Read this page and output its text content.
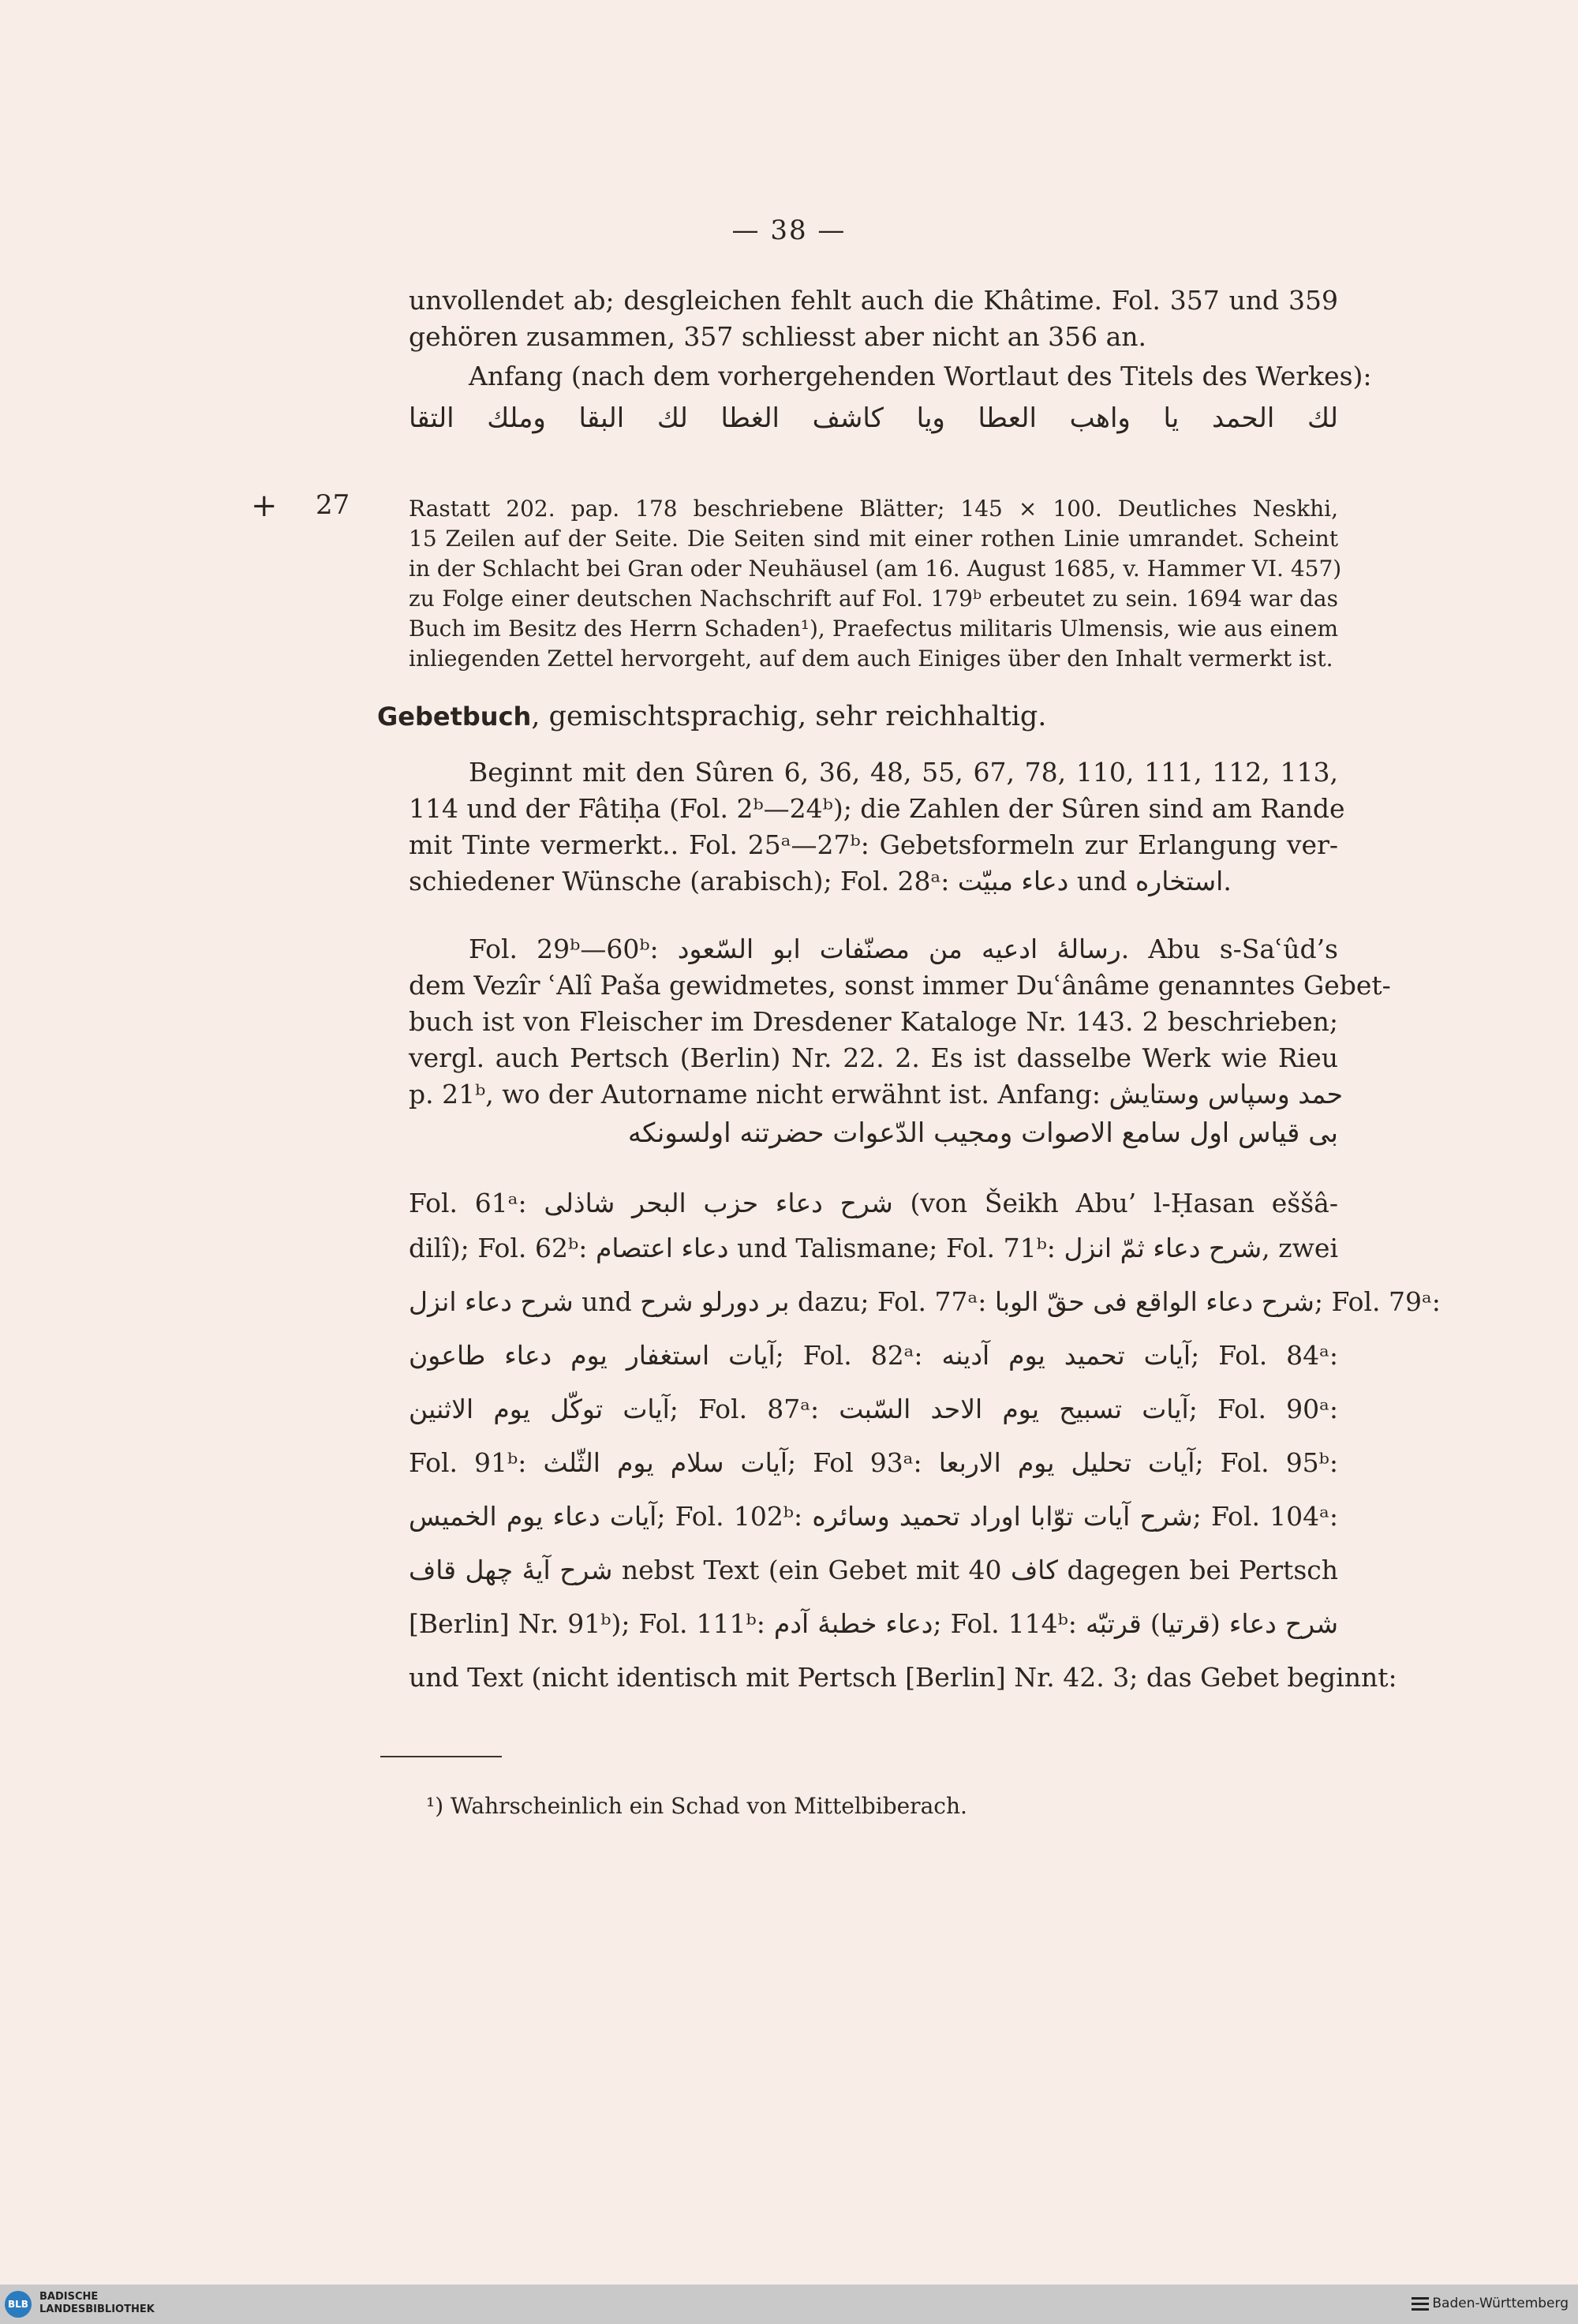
— 38 —
unvollendet ab; desgleichen fehlt auch die Khâtime. Fol. 357 und 359
gehören zusammen, 357 schliesst aber nicht an 356 an.
Anfang (nach dem vorhergehenden Wortlaut des Titels des Werkes):
لك الحمد يا واهب العطا ويا كاشف الغطا لك البقا وملك التقا
+ 27	Rastatt 202. pap. 178 beschriebene Blätter; 145 × 100. Deutliches Neskhi,
15 Zeilen auf der Seite. Die Seiten sind mit einer rothen Linie umrandet. Scheint
in der Schlacht bei Gran oder Neuhäusel (am 16. August 1685, v. Hammer VI. 457)
zu Folge einer deutschen Nachschrift auf Fol. 179ᵇ erbeutet zu sein. 1694 war das
Buch im Besitz des Herrn Schaden¹), Praefectus militaris Ulmensis, wie aus einem
inliegenden Zettel hervorgeht, auf dem auch Einiges über den Inhalt vermerkt ist.
Gebetbuch, gemischtsprachig, sehr reichhaltig.
Beginnt mit den Sûren 6, 36, 48, 55, 67, 78, 110, 111, 112, 113,
114 und der Fâtiḥa (Fol. 2ᵇ—24ᵇ); die Zahlen der Sûren sind am Rande
mit Tinte vermerkt.. Fol. 25ᵃ—27ᵇ: Gebetsformeln zur Erlangung ver-
schiedener Wünsche (arabisch); Fol. 28ᵃ: دعاء مبيّت und استخاره.
Fol. 29ᵇ—60ᵇ: رسالۀ ادعيه من مصنّفات ابو السّعود. Abu s-Saʿûd’s
dem Vezîr ʿAlî Paša gewidmetes, sonst immer Duʿânâme genanntes Gebet-
buch ist von Fleischer im Dresdener Kataloge Nr. 143. 2 beschrieben;
vergl. auch Pertsch (Berlin) Nr. 22. 2. Es ist dasselbe Werk wie Rieu
p. 21ᵇ, wo der Autorname nicht erwähnt ist. Anfang: حمد وسپاس وستايش
بى قياس اول سامع الاصوات ومجيب الدّعوات حضرتنه اولسونكه
Fol. 61ᵃ: شرح دعاء حزب البحر شاذلى (von Šeikh Abu’ l-Ḥasan eššâ-
dilî); Fol. 62ᵇ: دعاء اعتصام und Talismane; Fol. 71ᵇ: شرح دعاء ثمّ انزل, zwei
شرح دعاء انزل und بر دورلو شرح dazu; Fol. 77ᵃ: شرح دعاء الواقع فى حقّ الوبا; Fol. 79ᵃ:
آيات استغفار يوم دعاء طاعون; Fol. 82ᵃ: آيات تحميد يوم آدينه; Fol. 84ᵃ:
آيات توكّل يوم الاثنين; Fol. 87ᵃ: آيات تسبيح يوم الاحد السّبت; Fol. 90ᵃ:
Fol. 91ᵇ: آيات سلام يوم الثّلث; Fol 93ᵃ: آيات تحليل يوم الاربعا; Fol. 95ᵇ:
آيات دعاء يوم الخميس; Fol. 102ᵇ: شرح آيات توّابا اوراد تحميد وسائره; Fol. 104ᵃ:
شرح آيۀ چهل قاف nebst Text (ein Gebet mit 40 كاف dagegen bei Pertsch
[Berlin] Nr. 91ᵇ); Fol. 111ᵇ: دعاء خطبۀ آدم; Fol. 114ᵇ: شرح دعاء (قرتيا) قرتبّه
und Text (nicht identisch mit Pertsch [Berlin] Nr. 42. 3; das Gebet beginnt:
¹) Wahrscheinlich ein Schad von Mittelbiberach.
BLB
BADISCHE
LANDESBIBLIOTHEK	Baden-Württemberg
